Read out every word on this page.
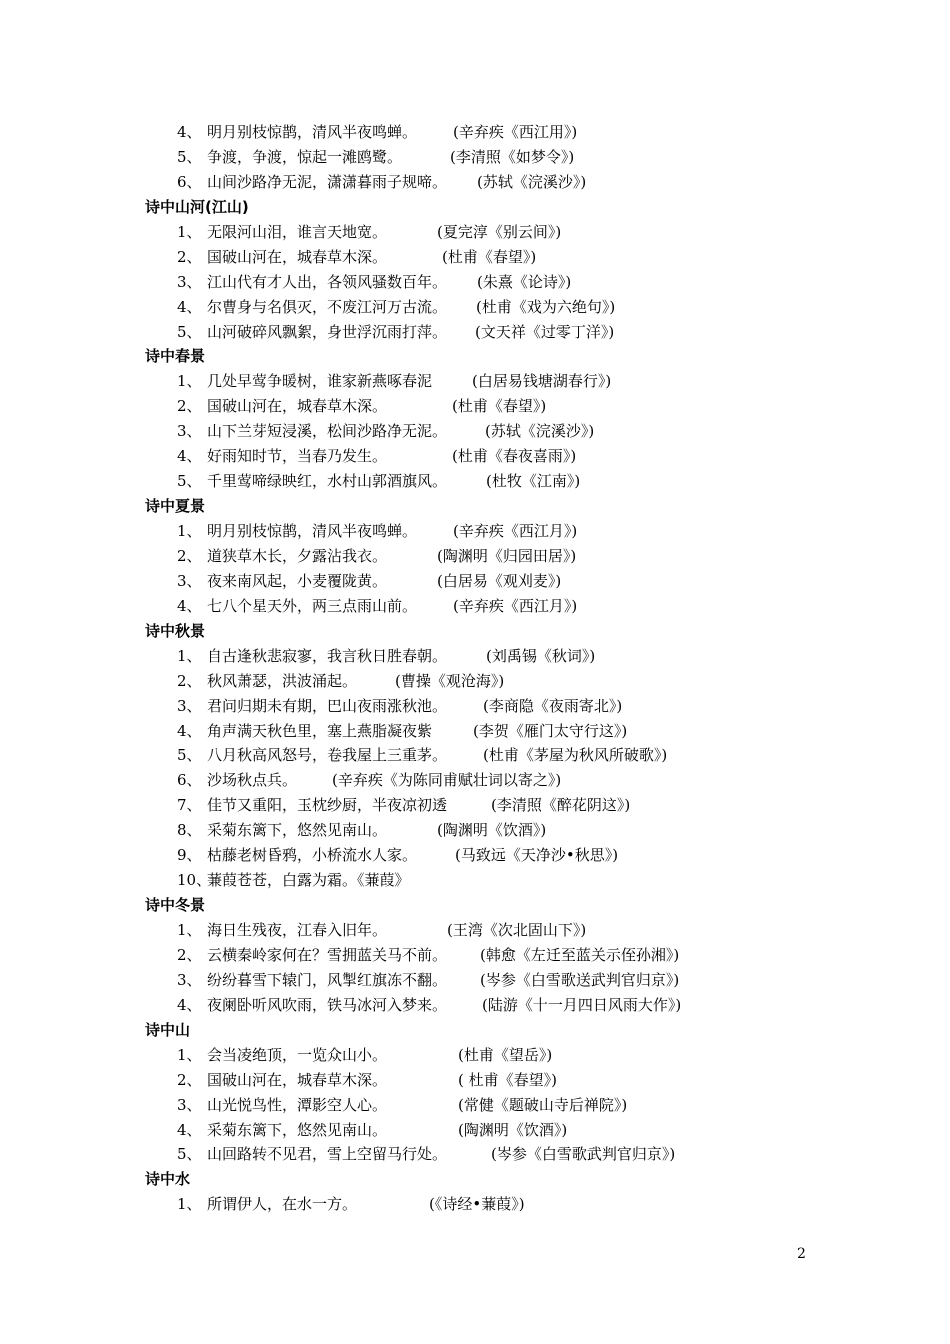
4、 明月别枝惊鹊，清风半夜鸣蝉。 (辛弃疾《西江用》)
5、 争渡，争渡，惊起一滩鸥鹭。	(李清照《如梦令》)
6、 山间沙路净无泥，潇潇暮雨子规啼。 (苏轼《浣溪沙》)
诗中山河(江山)
1、 无限河山泪，谁言天地宽。	(夏完淳《别云间》)
2、 国破山河在，城春草木深。	(杜甫《春望》)
3、 江山代有才人出，各领风骚数百年。 (朱熹《论诗》)
4、 尔曹身与名俱灭，不废江河万古流。 (杜甫《戏为六绝句》)
5、 山河破碎风飘絮，身世浮沉雨打萍。 (文天祥《过零丁洋》)
诗中春景
1、 几处早莺争暖树，谁家新燕啄春泥	(白居易钱塘湖春行》)
2、 国破山河在，城春草木深。	(杜甫《春望》)
3、 山下兰芽短浸溪，松间沙路净无泥。	(苏轼《浣溪沙》)
4、 好雨知时节，当春乃发生。	(杜甫《春夜喜雨》)
5、 千里莺啼绿映红，水村山郭酒旗风。	(杜牧《江南》)
诗中夏景
1、 明月别枝惊鹊，清风半夜鸣蝉。 (辛弃疾《西江月》)
2、 道狭草木长，夕露沾我衣。	(陶渊明《归园田居》)
3、 夜来南风起，小麦覆陇黄。	(白居易《观刈麦》)
4、 七八个星天外，两三点雨山前。 (辛弃疾《西江月》)
诗中秋景
1、 自古逢秋悲寂寥，我言秋日胜春朝。	(刘禹锡《秋词》)
2、 秋风萧瑟，洪波涌起。	(曹操《观沧海》)
3、 君问归期未有期，巴山夜雨涨秋池。 (李商隐《夜雨寄北》)
4、 角声满天秋色里，塞上燕脂凝夜紫	(李贺《雁门太守行这》)
5、 八月秋高风怒号，卷我屋上三重茅。 (杜甫《茅屋为秋风所破歌》)
6、 沙场秋点兵。 (辛弃疾《为陈同甫赋壮词以寄之》)
7、 佳节又重阳，玉枕纱厨，半夜凉初透	(李清照《醉花阴这》)
8、 采菊东篱下，悠然见南山。	(陶渊明《饮酒》)
9、 枯藤老树昏鸦，小桥流水人家。	(马致远《天净沙•秋思》)
10、
蒹葭苍苍，白露为霜。《蒹葭》
诗中冬景
1、 海日生残夜，江春入旧年。	(王湾《次北固山下》)
2、 云横秦岭家何在？雪拥蓝关马不前。 (韩愈《左迁至蓝关示侄孙湘》)
3、 纷纷暮雪下辕门，风掣红旗冻不翻。 (岑参《白雪歌送武判官归京》)
4、 夜阑卧听风吹雨，铁马冰河入梦来。 (陆游《十一月四日风雨大作》)
诗中山
1、 会当凌绝顶，一览众山小。	(杜甫《望岳》)
2、 国破山河在，城春草木深。	( 杜甫《春望》)
3、 山光悦鸟性，潭影空人心。	(常健《题破山寺后禅院》)
4、 采菊东篱下，悠然见南山。	(陶渊明《饮酒》)
5、 山回路转不见君，雪上空留马行处。	(岑参《白雪歌武判官归京》)
诗中水
1、 所谓伊人，在水一方。	(《诗经•蒹葭》)
2
